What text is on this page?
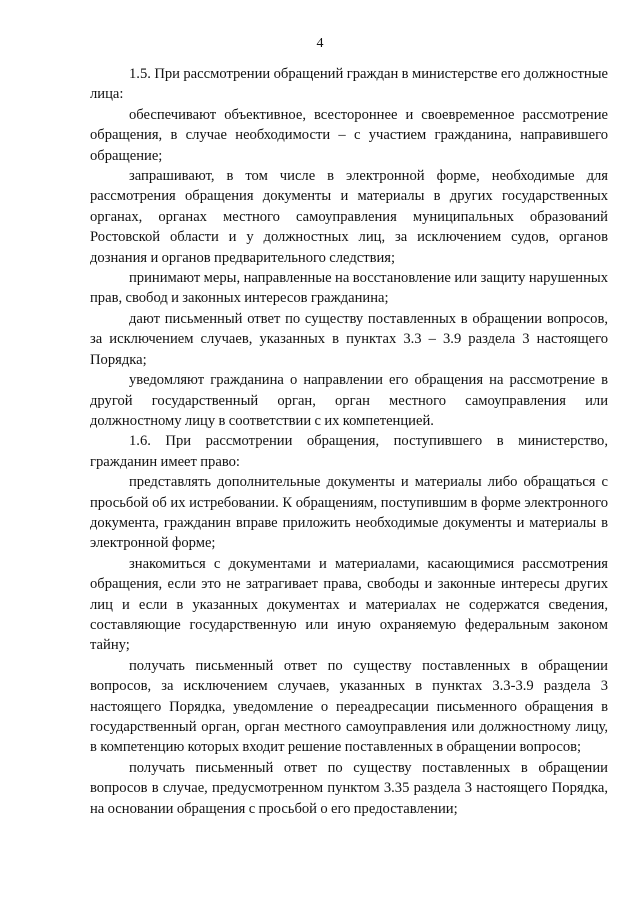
4

1.5. При рассмотрении обращений граждан в министерстве его должностные лица:

обеспечивают объективное, всестороннее и своевременное рассмотрение обращения, в случае необходимости – с участием гражданина, направившего обращение;

запрашивают, в том числе в электронной форме, необходимые для рассмотрения обращения документы и материалы в других государственных органах, органах местного самоуправления муниципальных образований Ростовской области и у должностных лиц, за исключением судов, органов дознания и органов предварительного следствия;

принимают меры, направленные на восстановление или защиту нарушенных прав, свобод и законных интересов гражданина;

дают письменный ответ по существу поставленных в обращении вопросов, за исключением случаев, указанных в пунктах 3.3 – 3.9 раздела 3 настоящего Порядка;

уведомляют гражданина о направлении его обращения на рассмотрение в другой государственный орган, орган местного самоуправления или должностному лицу в соответствии с их компетенцией.

1.6. При рассмотрении обращения, поступившего в министерство, гражданин имеет право:

представлять дополнительные документы и материалы либо обращаться с просьбой об их истребовании. К обращениям, поступившим в форме электронного документа, гражданин вправе приложить необходимые документы и материалы в электронной форме;

знакомиться с документами и материалами, касающимися рассмотрения обращения, если это не затрагивает права, свободы и законные интересы других лиц и если в указанных документах и материалах не содержатся сведения, составляющие государственную или иную охраняемую федеральным законом тайну;

получать письменный ответ по существу поставленных в обращении вопросов, за исключением случаев, указанных в пунктах 3.3-3.9 раздела 3 настоящего Порядка, уведомление о переадресации письменного обращения в государственный орган, орган местного самоуправления или должностному лицу, в компетенцию которых входит решение поставленных в обращении вопросов;

получать письменный ответ по существу поставленных в обращении вопросов в случае, предусмотренном пунктом 3.35 раздела 3 настоящего Порядка, на основании обращения с просьбой о его предоставлении;
